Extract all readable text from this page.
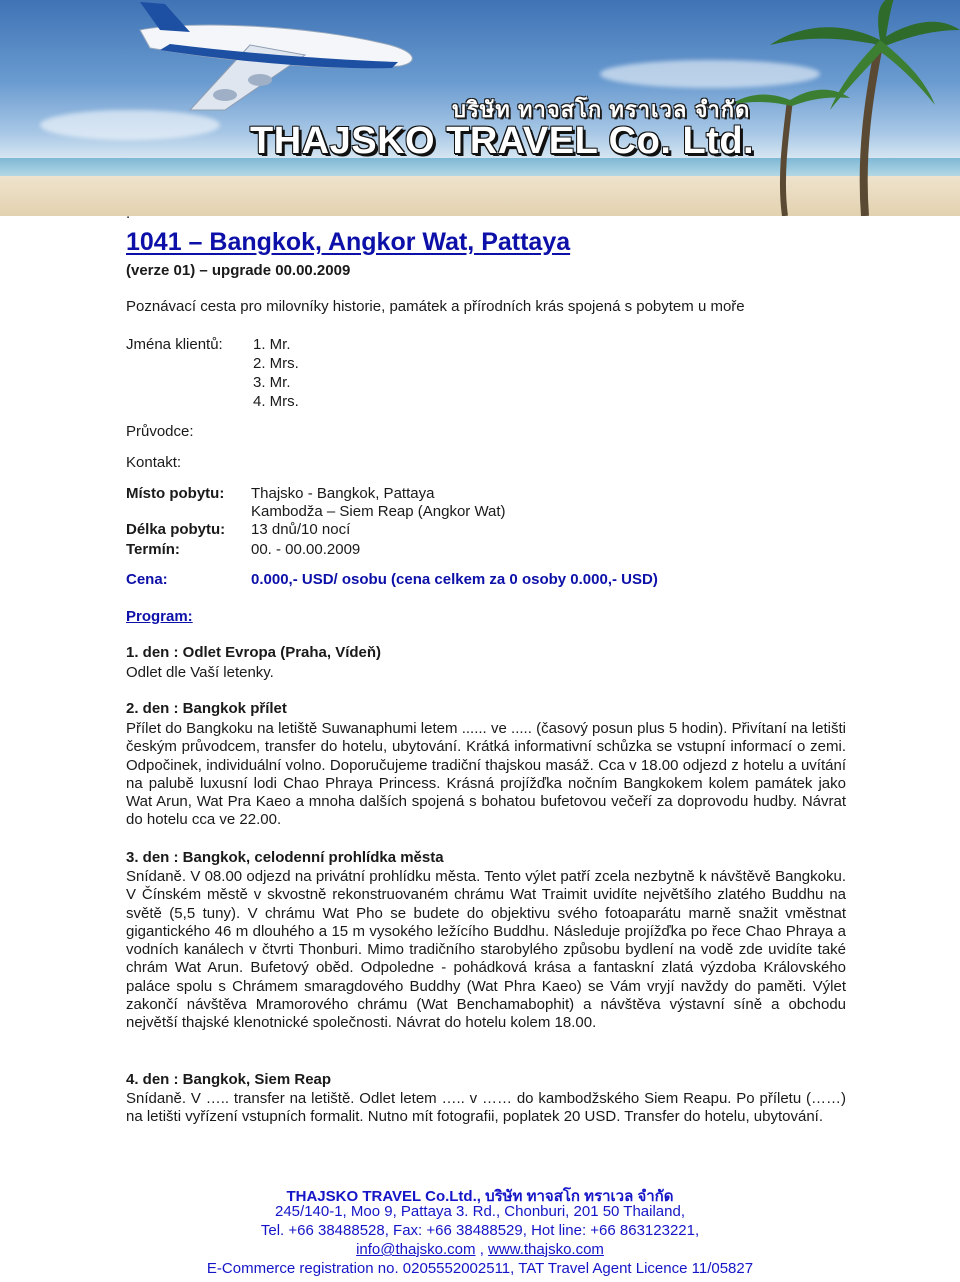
บริษัท ทาจสโก ทราเวล จำกัด
THAJSKO TRAVEL Co. Ltd.
.
1041 – Bangkok, Angkor Wat, Pattaya
(verze 01) – upgrade 00.00.2009
Poznávací cesta pro milovníky historie, památek a přírodních krás spojená s pobytem u moře
Jména klientů: 1. Mr.
2. Mrs.
3. Mr.
4. Mrs.
Průvodce:
Kontakt:
Místo pobytu: Thajsko - Bangkok, Pattaya
Kambodža – Siem Reap (Angkor Wat)
Délka pobytu: 13 dnů/10 nocí
Termín:	00. - 00.00.2009
Cena:	0.000,- USD/ osobu (cena celkem za 0 osoby 0.000,- USD)
Program:
1. den : Odlet Evropa (Praha, Vídeň)
Odlet dle Vaší letenky.
2. den : Bangkok přílet
Přílet do Bangkoku na letiště Suwanaphumi letem ...... ve ..... (časový posun plus 5 hodin). Přivítaní na letišti českým průvodcem, transfer do hotelu, ubytování. Krátká informativní schůzka se vstupní informací o zemi. Odpočinek, individuální volno. Doporučujeme tradiční thajskou masáž. Cca v 18.00 odjezd z hotelu a uvítání na palubě luxusní lodi Chao Phraya Princess. Krásná projížďka nočním Bangkokem kolem památek jako Wat Arun, Wat Pra Kaeo a mnoha dalších spojená s bohatou bufetovou večeří za doprovodu hudby. Návrat do hotelu cca ve 22.00.
3. den : Bangkok, celodenní prohlídka města
Snídaně. V 08.00 odjezd na privátní prohlídku města. Tento výlet patří zcela nezbytně k návštěvě Bangkoku. V Čínském městě v skvostně rekonstruovaném chrámu Wat Traimit uvidíte největšího zlatého Buddhu na světě (5,5 tuny). V chrámu Wat Pho se budete do objektivu svého fotoaparátu marně snažit vměstnat gigantického 46 m dlouhého a 15 m vysokého ležícího Buddhu. Následuje projížďka po řece Chao Phraya a vodních kanálech v čtvrti Thonburi. Mimo tradičního starobylého způsobu bydlení na vodě zde uvidíte také chrám Wat Arun. Bufetový oběd. Odpoledne - pohádková krása a fantaskní zlatá výzdoba Královského paláce spolu s Chrámem smaragdového Buddhy (Wat Phra Kaeo) se Vám vryjí navždy do paměti. Výlet zakončí návštěva Mramorového chrámu (Wat Benchamabophit) a návštěva výstavní síně a obchodu největší thajské klenotnické společnosti. Návrat do hotelu kolem 18.00.
4. den : Bangkok, Siem Reap
Snídaně. V ….. transfer na letiště. Odlet letem ….. v …… do kambodžského Siem Reapu. Po příletu (……) na letišti vyřízení vstupních formalit. Nutno mít fotografii, poplatek 20 USD. Transfer do hotelu, ubytování.
THAJSKO TRAVEL Co.Ltd., บริษัท ทาจสโก ทราเวล จำกัด
245/140-1, Moo 9, Pattaya 3. Rd., Chonburi, 201 50 Thailand,
Tel. +66 38488528, Fax: +66 38488529, Hot line: +66 863123221,
info@thajsko.com , www.thajsko.com
E-Commerce registration no. 0205552002511, TAT Travel Agent Licence 11/05827
